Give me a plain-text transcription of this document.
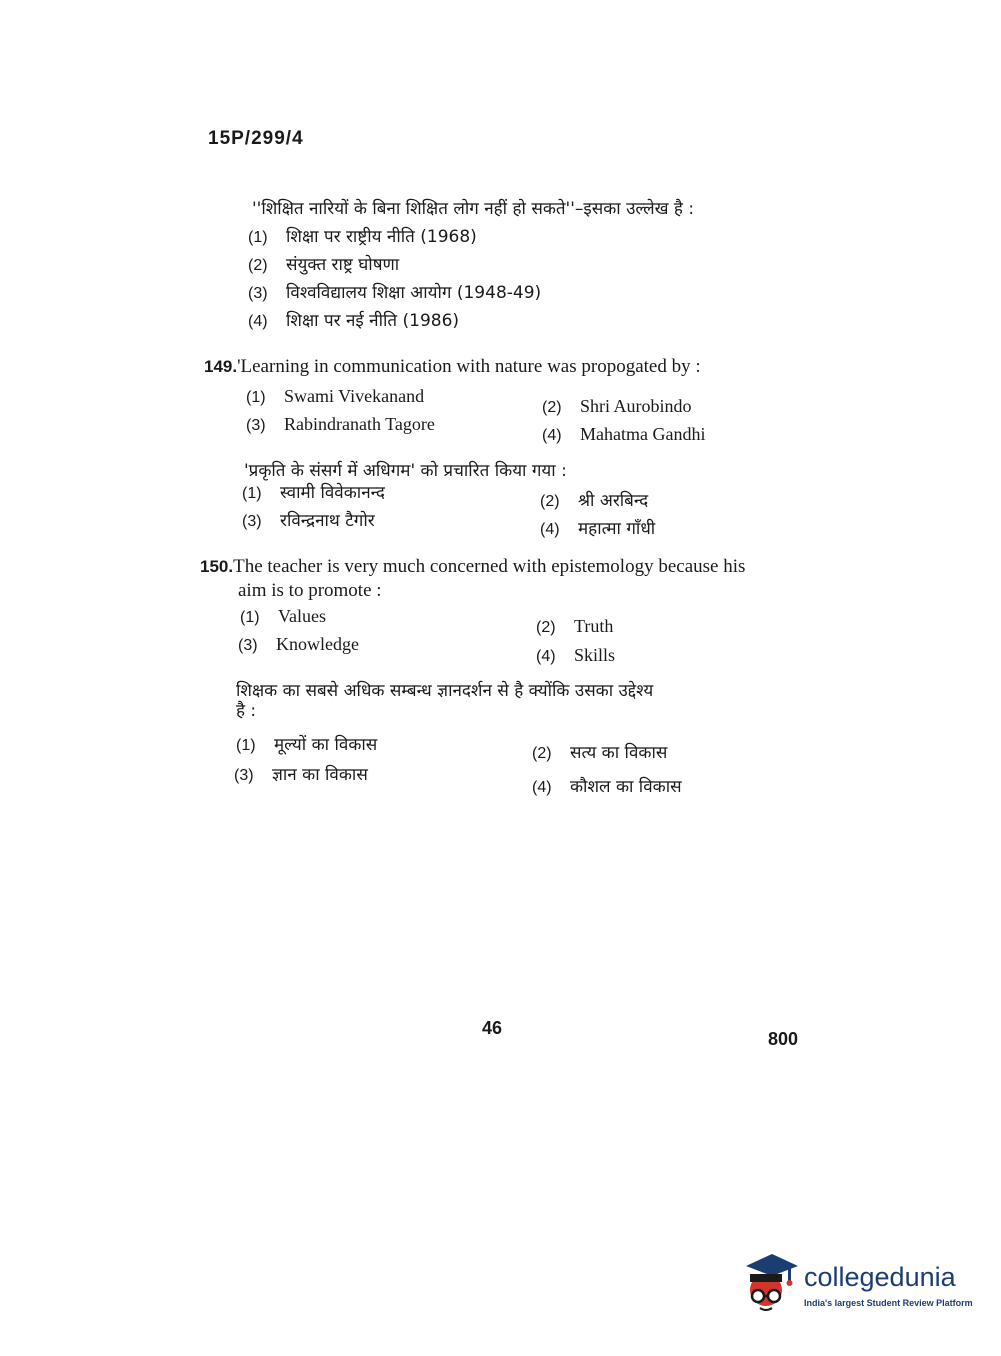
15P/299/4
''शिक्षित नारियों के बिना शिक्षित लोग नहीं हो सकते''–इसका उल्लेख है :
(1) शिक्षा पर राष्ट्रीय नीति (1968)
(2) संयुक्त राष्ट्र घोषणा
(3) विश्वविद्यालय शिक्षा आयोग (1948-49)
(4) शिक्षा पर नई नीति (1986)
149.'Learning in communication with nature was propogated by :
(1) Swami Vivekanand
(2) Shri Aurobindo
(3) Rabindranath Tagore
(4) Mahatma Gandhi
'प्रकृति के संसर्ग में अधिगम' को प्रचारित किया गया :
(1) स्वामी विवेकानन्द	(2) श्री अरबिन्द
(3) रविन्द्रनाथ टैगोर	(4) महात्मा गाँधी
150.The teacher is very much concerned with epistemology because his
aim is to promote :
(1) Values
(2) Truth
(3) Knowledge
(4) Skills
शिक्षक का सबसे अधिक सम्बन्ध ज्ञानदर्शन से है क्योंकि उसका उद्देश्य
है :
(1) मूल्यों का विकास	(2) सत्य का विकास
(3) ज्ञान का विकास
(4) कौशल का विकास
46
800
collegedunia
India's largest Student Review Platform
